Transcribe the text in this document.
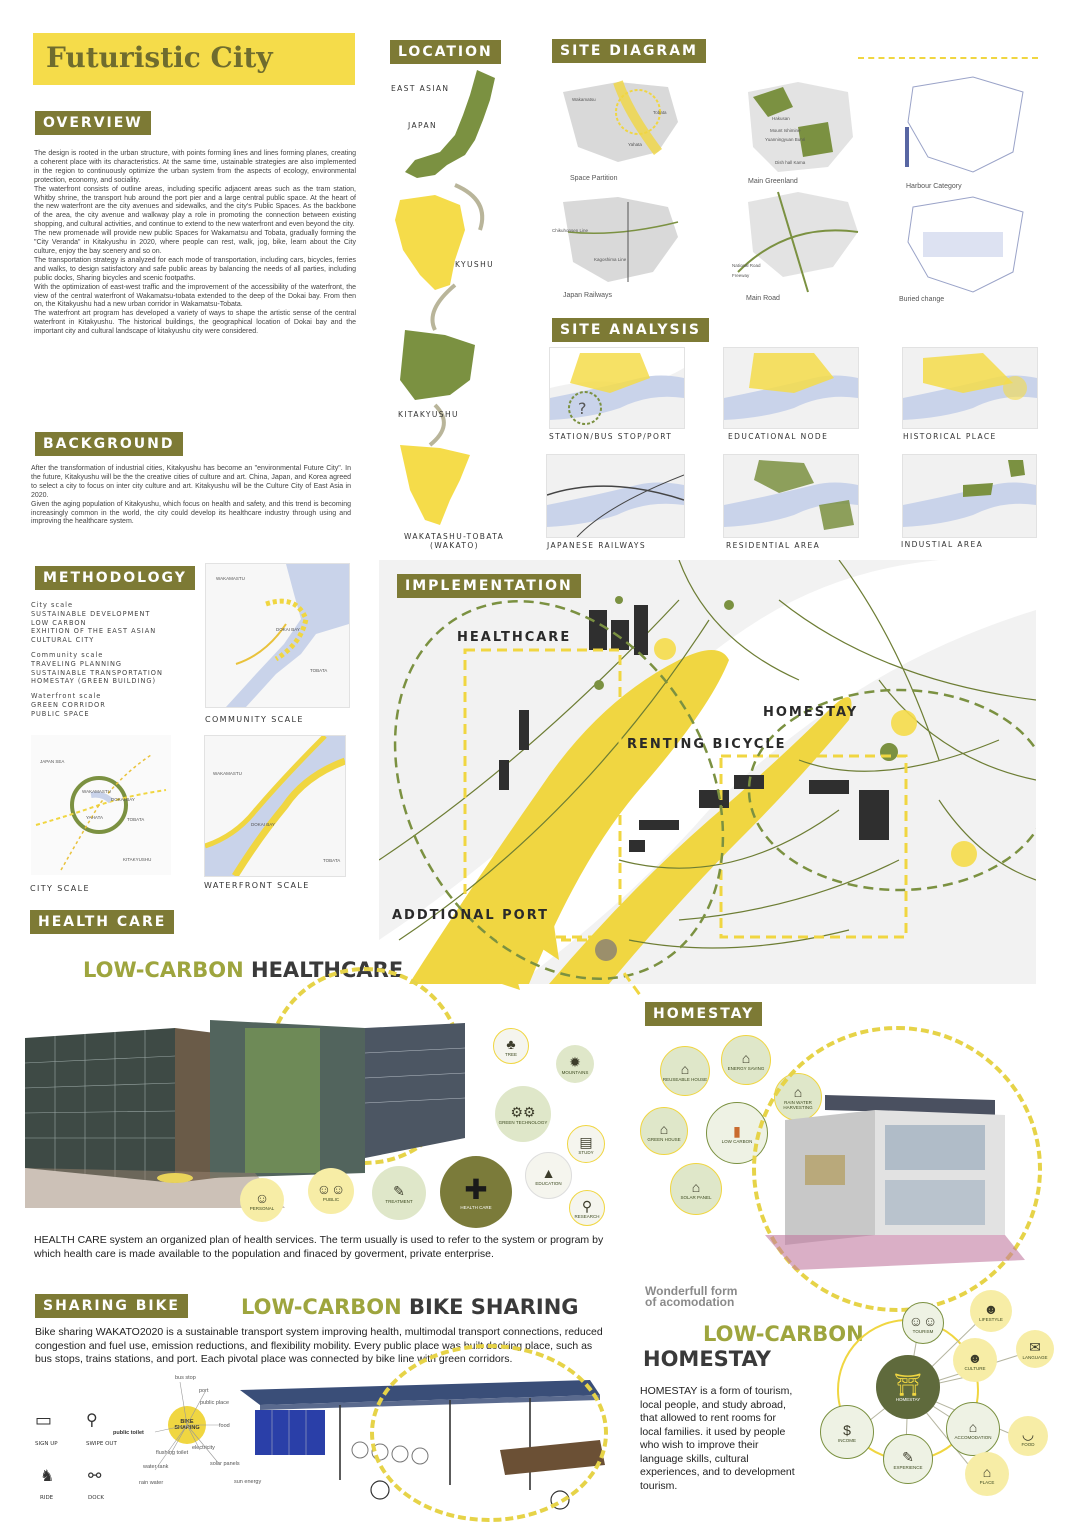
Futuristic City
OVERVIEW
The design is rooted in the urban structure, with points forming lines and lines forming planes, creating a coherent place with its characteristics. At the same time, ustainable strategies are also implemented in the region to continuously optimize the urban system from the aspects of ecology, environmental protection, economy, and sociality.
The waterfront consists of outline areas, including specific adjacent areas such as the tram station, Whitby shrine, the transport hub around the port pier and a large central public space. At the heart of the new waterfront are the city avenues and sidewalks, and the city's Public Spaces. As the backbone of the area, the city avenue and walkway play a role in promoting the connection between existing shopping, and cultural activities, and continue to extend to the new waterfront and even beyond the city.
The new promenade will provide new public Spaces for Wakamatsu and Tobata, gradually forming the "City Veranda" in Kitakyushu in 2020, where people can rest, walk, jog, bike, learn about the City culture, enjoy the bay scenery and so on.
The transportation strategy is analyzed for each mode of transportation, including cars, bicycles, ferries and walks, to design satisfactory and safe public areas by balancing the needs of all parties, including public docks, Sharing bicycles and scenic footpaths.
With the optimization of east-west traffic and the improvement of the accessibility of the waterfront, the view of the central waterfront of Wakamatsu-tobata extended to the deep of the Dokai bay. From then on, the Kitakyushu had a new urban corridor in Wakamatsu-Tobata.
The waterfront art program has developed a variety of ways to shape the artistic sense of the central waterfront in Kitakyushu. The historical buildings, the geographical location of Dokai bay and the important city and cultural landscape of kitakyushu city were considered.
BACKGROUND
After the transformation of industrial cities, Kitakyushu has become an "environmental Future City". In the future, Kitakyushu will be the the creative cities of culture and art. China, Japan, and Korea agreed to select a city to focus on inter city culture and art. Kitakyushu will be the Culture City of East Asia in 2020.
Given the aging population of Kitakyushu, which focus on health and safety, and this trend is becoming increasingly common in the world, the city could develop its healthcare industry through using and improving the healthcare system.
METHODOLOGY
City scale
SUSTAINABLE DEVELOPMENT
LOW CARBON
EXHITION OF THE EAST ASIAN CULTURAL CITY
Community scale
TRAVELING PLANNING
SUSTAINABLE TRANSPORTATION
HOMESTAY (GREEN BUILDING)
Waterfront scale
GREEN CORRIDOR
PUBLIC SPACE
WAKAMASTU
DOKAI BAY
TOBATA
COMMUNITY SCALE
JAPAN SEA
WAKAMASTU
DOKAI BAY
YAHATA	TOBATA
KITAKYUSHU
CITY SCALE
WAKAMASTU
DOKAI BAY
TOBATA
WATERFRONT SCALE
LOCATION
EAST ASIAN
JAPAN
KYUSHU
KITAKYUSHU
WAKATASHU-TOBATA
(WAKATO)
SITE DIAGRAM
Wakamatsu
Tobata
Yahata
Hakusan
Mount Ishimine
Yuanningyuan Bunri
Dish hall Kama
Chikuhonsen Line
Kagoshima Line
National Road
Freeway
Space Partition	Main Greenland
Harbour Category
Japan Railways	Main Road	Buried change
SITE ANALYSIS
?
STATION/BUS STOP/PORT	EDUCATIONAL NODE	HISTORICAL PLACE
JAPANESE RAILWAYS	RESIDENTIAL AREA	INDUSTIAL AREA
IMPLEMENTATION
HEALTHCARE
HOMESTAY
RENTING BICYCLE
ADDTIONAL PORT
HEALTH CARE
LOW-CARBON HEALTHCARE
♣
TREE	✹
MOUNTAINS
⚙⚙
GREEN TECHNOLOGY
▤
STUDY
▲
EDUCATION
⚲
RESEARCH
✚
HEALTH CARE
✎
TREATMENT
☺☺
PUBLIC
☺
PERSONAL
HEALTH CARE system an organized plan of health services. The term usually is used to refer to the system or program by which health care is made available to the population and finaced by goverment, private enterprise.
SHARING BIKE	LOW-CARBON BIKE SHARING
Bike sharing WAKATO2020 is a sustainable transport system improving health, multimodal transport connections, reduced congestion and fuel use, emission reductions, and flexibility mobility. Every public place was built docking place, such as bus stops, trains stations, and port. Each pivotal place was connected by bike line with green corridors.
BIKE SHARING
bus stop
port
public place
food
public toilet
flushing toilet
electricity
water tank	solar panels
rain water	sun energy
▭
SIGN UP
⚲
SWIPE OUT
♞
RIDE
⚯
DOCK
HOMESTAY
⌂
REUSEABLE HOUSE
⌂
ENERGY SAVING
⌂
RAIN WATER HARVESTING
⌂
GREEN HOUSE
▮
LOW CARBON
⌂
SOLAR PANEL
Wonderfull form
of acomodation
LOW-CARBON
HOMESTAY
HOMESTAY is a form of tourism, local people, and study abroad, that allowed to rent rooms for local families. it used by people who wish to improve their language skills, cultural experiences, and to development tourism.
☺☺
TOURISM
☻
LIFESTYLE
✉
LANGUAGE
☻
CULTURE
⛩
HOMESTAY
$
INCOME
⌂
ACCOMODATION ◡
FOOD
✎
EXPERIENCE	⌂
PLACE
